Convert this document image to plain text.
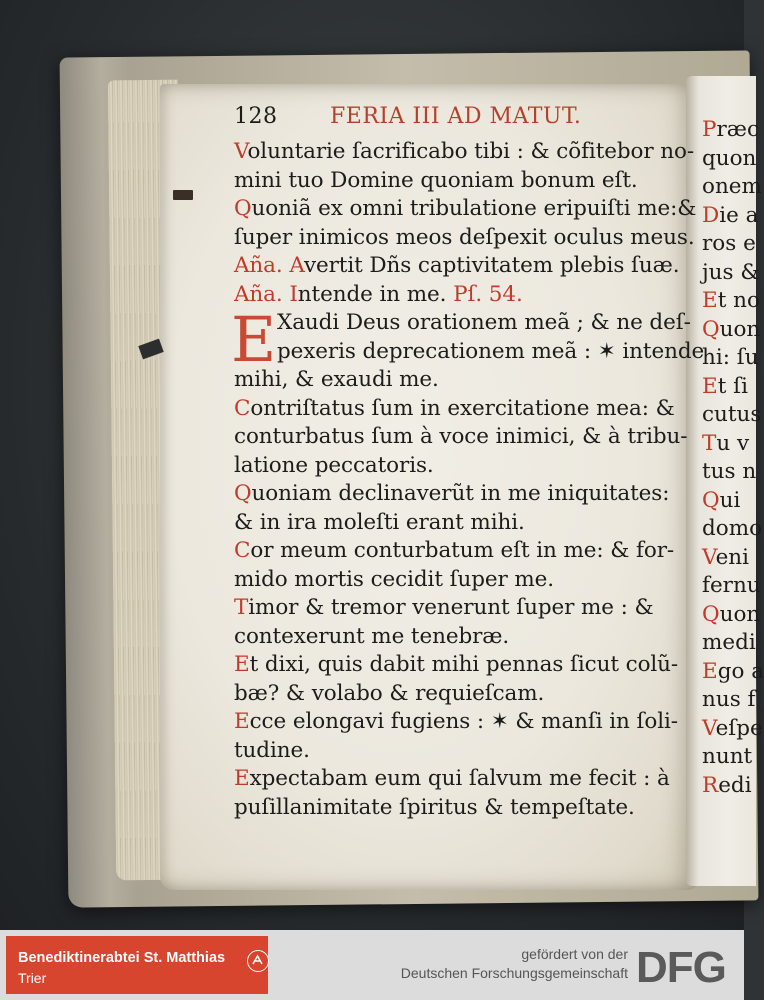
128 FERIA III AD MATUT.
Voluntarie ſacrificabo tibi : & cõfitebor no-
mini tuo Domine quoniam bonum eſt.
Quoniã ex omni tribulatione eripuiſti me:&
ſuper inimicos meos deſpexit oculus meus.
Aña. Avertit Dñs captivitatem plebis ſuæ.
Aña. Intende in me. Pſ. 54.
E Xaudi Deus orationem meã ; & ne deſ-
pexeris deprecationem meã : ✶ intende
mihi, & exaudi me.
Contriſtatus ſum in exercitatione mea: &
conturbatus ſum à voce inimici, & à tribu-
latione peccatoris.
Quoniam declinaverũt in me iniquitates:
& in ira moleſti erant mihi.
Cor meum conturbatum eſt in me: & for-
mido mortis cecidit ſuper me.
Timor & tremor venerunt ſuper me : &
contexerunt me tenebræ.
Et dixi, quis dabit mihi pennas ſicut colũ-
bæ? & volabo & requieſcam.
Ecce elongavi fugiens : ✶ & manſi in ſoli-
tudine.
Expectabam eum qui ſalvum me fecit : à
puſillanimitate ſpiritus & tempeſtate.
Præc
quon
onem
Die a
ros e
jus &
Et no
Quon
hi: ſu
Et ſi
cutus
Tu v
tus n
Qui
domo
Veni
fernu
Quon
medi
Ego a
nus f
Veſpe
nunt
Redi
Benediktinerabtei St. Matthias
Trier
gefördert von der
Deutschen Forschungsgemeinschaft DFG
